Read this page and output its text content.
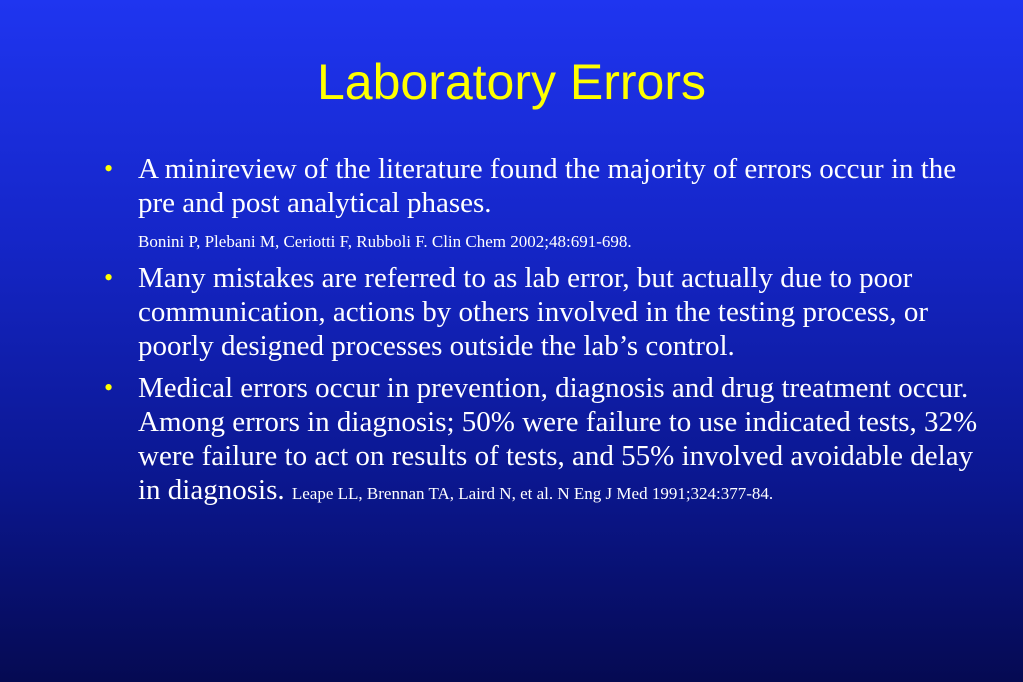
Laboratory Errors
• A minireview of the literature found the majority of errors occur in the pre and post analytical phases.
Bonini P, Plebani M, Ceriotti F, Rubboli F. Clin Chem 2002;48:691-698.
• Many mistakes are referred to as lab error, but actually due to poor communication, actions by others involved in the testing process, or poorly designed processes outside the lab’s control.
• Medical errors occur in prevention, diagnosis and drug treatment occur. Among errors in diagnosis; 50% were failure to use indicated tests, 32% were failure to act on results of tests, and 55% involved avoidable delay in diagnosis. Leape LL, Brennan TA, Laird N, et al. N Eng J Med 1991;324:377-84.
